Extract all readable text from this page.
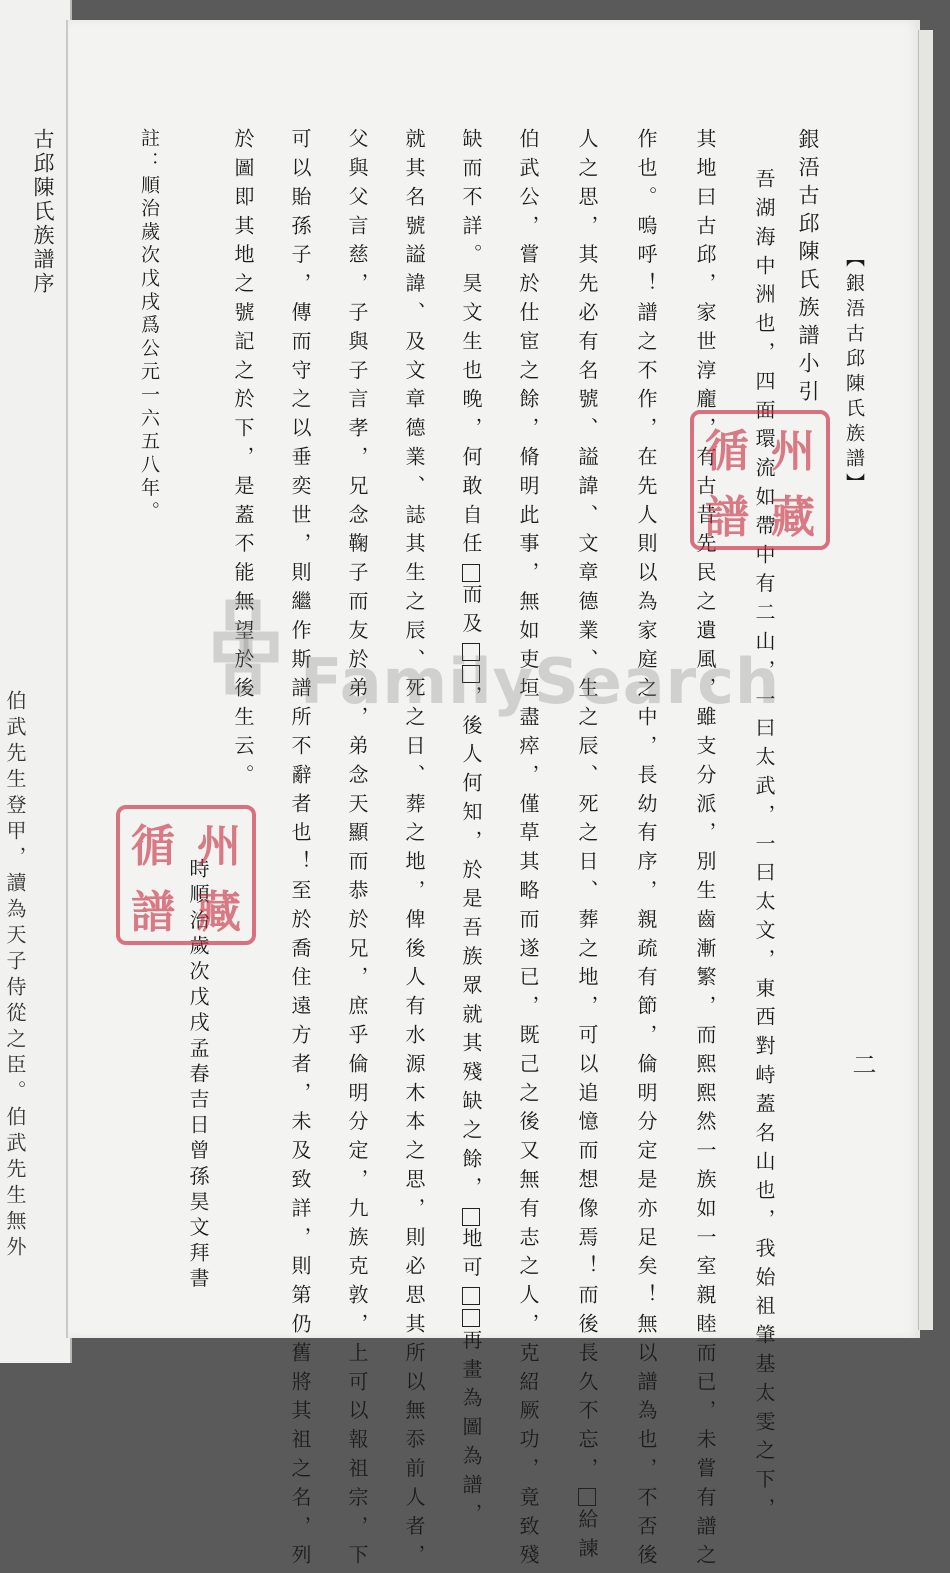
古邱陳氏族譜序
伯武先生登甲，讀為天子侍從之臣。伯武先生無外
【銀浯古邱陳氏族譜】
銀浯古邱陳氏族譜小引
吾湖海中洲也，四面環流如帶中有二山，一曰太武，一曰太文，東西對峙蓋名山也，我始祖肇基太雯之下，
其地曰古邱，家世淳龐，有古昔先民之遺風，雖支分派，別生齒漸繁，而熙熙然一族如一室親睦而已，未嘗有譜之
作也。嗚呼！譜之不作，在先人則以為家庭之中，長幼有序，親疏有節，倫明分定是亦足矣！無以譜為也，不否後
人之思，其先必有名號、謚諱、文章德業、生之辰、死之日、葬之地，可以追憶而想像焉！而後長久不忘，給諫
伯武公，嘗於仕宦之餘，脩明此事，無如吏垣盡瘁，僅草其略而遂已，既己之後又無有志之人，克紹厥功，竟致殘
缺而不詳。昊文生也晚，何敢自任而及，後人何知，於是吾族眾就其殘缺之餘，地可再畫為圖為譜，
就其名號謚諱、及文章德業、誌其生之辰、死之日、葬之地，俾後人有水源木本之思，則必思其所以無忝前人者，
父與父言慈，子與子言孝，兄念鞠子而友於弟，弟念天顯而恭於兄，庶乎倫明分定，九族克敦，上可以報祖宗，下
可以貽孫子，傳而守之以垂奕世，則繼作斯譜所不辭者也！至於喬住遠方者，未及致詳，則第仍舊將其祖之名，列
於圖即其地之號記之於下，是蓋不能無望於後生云。
時順治歲次戊戌孟春吉日曾孫昊文拜書
註：順治歲次戊戌爲公元一六五八年。
二
循 州
譜 藏
循 州
譜 藏
FamilySearch
